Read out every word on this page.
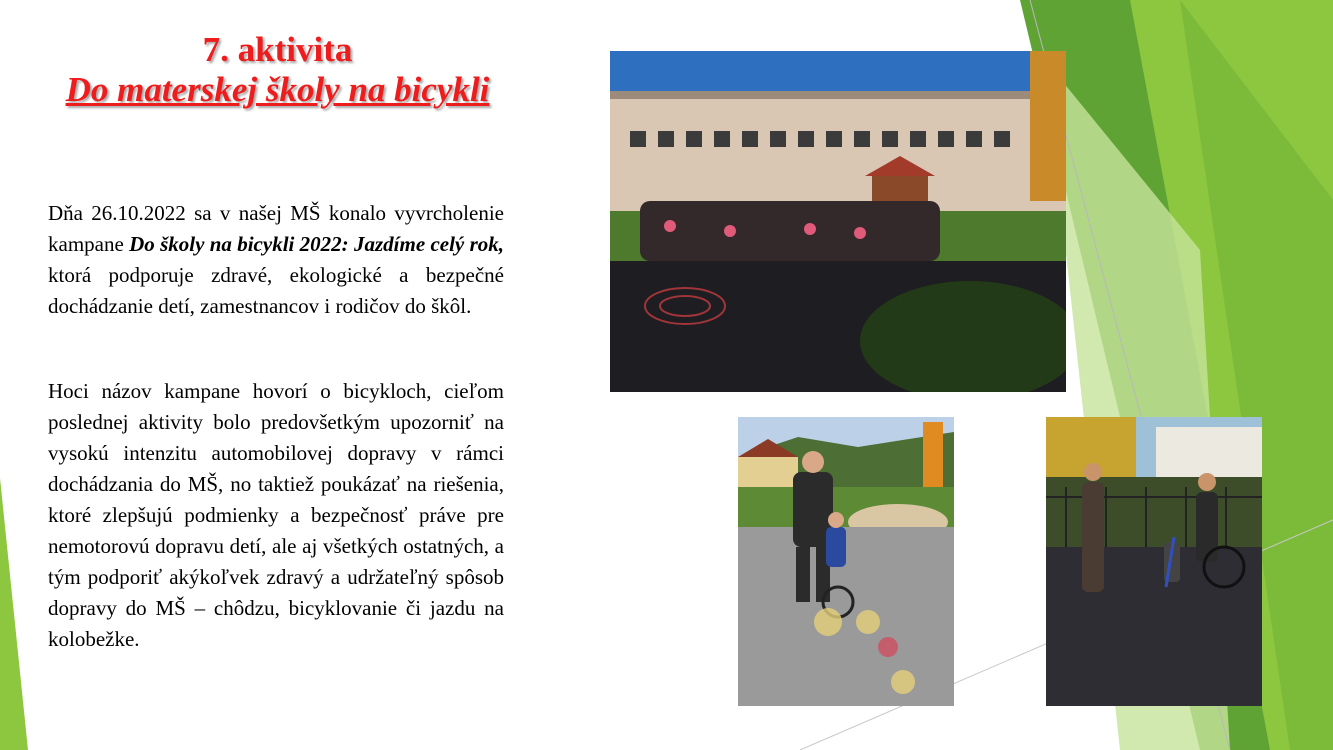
7. aktivita
Do materskej školy na bicykli

Dňa 26.10.2022 sa v našej MŠ konalo vyvrcholenie kampane Do školy na bicykli 2022: Jazdíme celý rok, ktorá podporuje zdravé, ekologické a bezpečné dochádzanie detí, zamestnancov i rodičov do škôl.

Hoci názov kampane hovorí o bicykloch, cieľom poslednej aktivity bolo predovšetkým upozorniť na vysokú intenzitu automobilovej dopravy v rámci dochádzania do MŠ, no taktiež poukázať na riešenia, ktoré zlepšujú podmienky a bezpečnosť práve pre nemotorovú dopravu detí, ale aj všetkých ostatných, a tým podporiť akýkoľvek zdravý a udržateľný spôsob dopravy do MŠ – chôdzu, bicyklovanie či jazdu na kolobežke.
